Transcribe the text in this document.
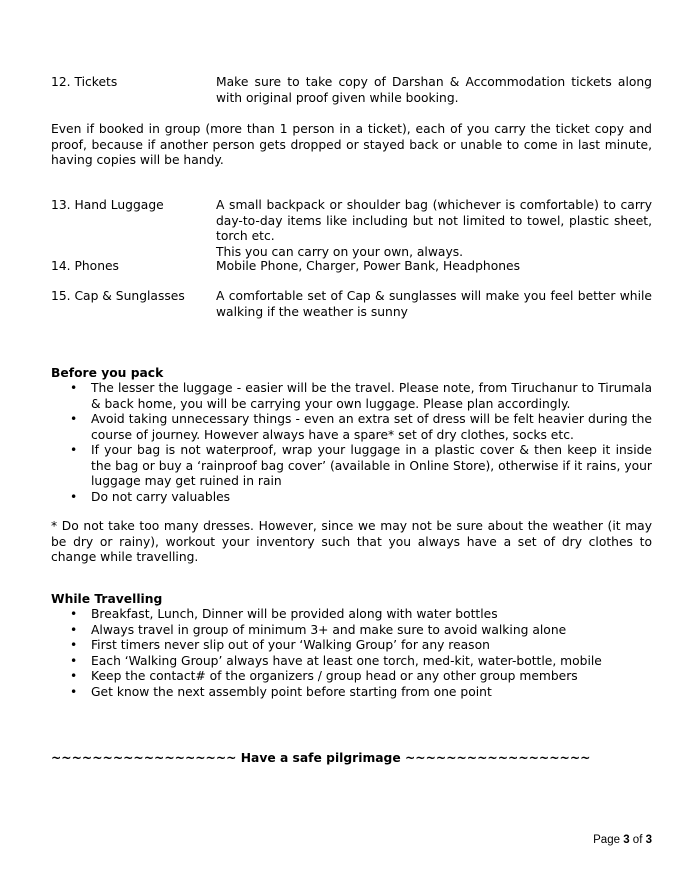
12. Tickets	Make sure to take copy of Darshan & Accommodation tickets along with original proof given while booking.
Even if booked in group (more than 1 person in a ticket), each of you carry the ticket copy and proof, because if another person gets dropped or stayed back or unable to come in last minute, having copies will be handy.
13. Hand Luggage	A small backpack or shoulder bag (whichever is comfortable) to carry day-to-day items like including but not limited to towel, plastic sheet, torch etc.
This you can carry on your own, always.
14. Phones	Mobile Phone, Charger, Power Bank, Headphones
15. Cap & Sunglasses	A comfortable set of Cap & sunglasses will make you feel better while walking if the weather is sunny
Before you pack
• The lesser the luggage - easier will be the travel. Please note, from Tiruchanur to Tirumala & back home, you will be carrying your own luggage. Please plan accordingly.
• Avoid taking unnecessary things - even an extra set of dress will be felt heavier during the course of journey. However always have a spare* set of dry clothes, socks etc.
• If your bag is not waterproof, wrap your luggage in a plastic cover & then keep it inside the bag or buy a ‘rainproof bag cover’ (available in Online Store), otherwise if it rains, your luggage may get ruined in rain
• Do not carry valuables
* Do not take too many dresses. However, since we may not be sure about the weather (it may be dry or rainy), workout your inventory such that you always have a set of dry clothes to change while travelling.
While Travelling
• Breakfast, Lunch, Dinner will be provided along with water bottles
• Always travel in group of minimum 3+ and make sure to avoid walking alone
• First timers never slip out of your ‘Walking Group’ for any reason
• Each ‘Walking Group’ always have at least one torch, med-kit, water-bottle, mobile
• Keep the contact# of the organizers / group head or any other group members
• Get know the next assembly point before starting from one point
~~~~~~~~~~~~~~~~~~ Have a safe pilgrimage ~~~~~~~~~~~~~~~~~~
Page 3 of 3
